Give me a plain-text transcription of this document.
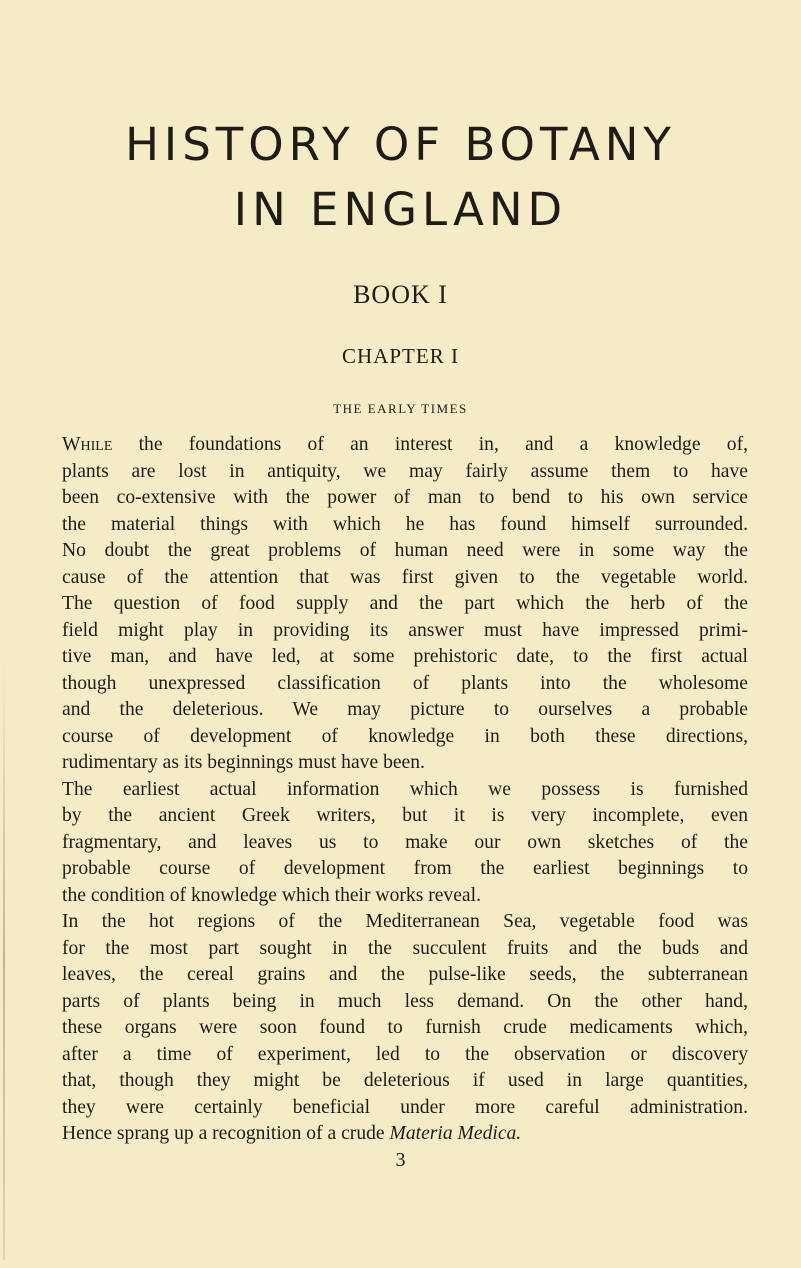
HISTORY OF BOTANY
IN ENGLAND
BOOK I
CHAPTER I
THE EARLY TIMES

While the foundations of an interest in, and a knowledge of,

plants are lost in antiquity, we may fairly assume them to have

been co-extensive with the power of man to bend to his own service

the material things with which he has found himself surrounded.

No doubt the great problems of human need were in some way the

cause of the attention that was first given to the vegetable world.

The question of food supply and the part which the herb of the

field might play in providing its answer must have impressed primi-

tive man, and have led, at some prehistoric date, to the first actual

though unexpressed classification of plants into the wholesome

and the deleterious. We may picture to ourselves a probable

course of development of knowledge in both these directions,

rudimentary as its beginnings must have been.

The earliest actual information which we possess is furnished

by the ancient Greek writers, but it is very incomplete, even

fragmentary, and leaves us to make our own sketches of the

probable course of development from the earliest beginnings to

the condition of knowledge which their works reveal.

In the hot regions of the Mediterranean Sea, vegetable food was

for the most part sought in the succulent fruits and the buds and

leaves, the cereal grains and the pulse-like seeds, the subterranean

parts of plants being in much less demand. On the other hand,

these organs were soon found to furnish crude medicaments which,

after a time of experiment, led to the observation or discovery

that, though they might be deleterious if used in large quantities,

they were certainly beneficial under more careful administration.

Hence sprang up a recognition of a crude Materia Medica.

3
